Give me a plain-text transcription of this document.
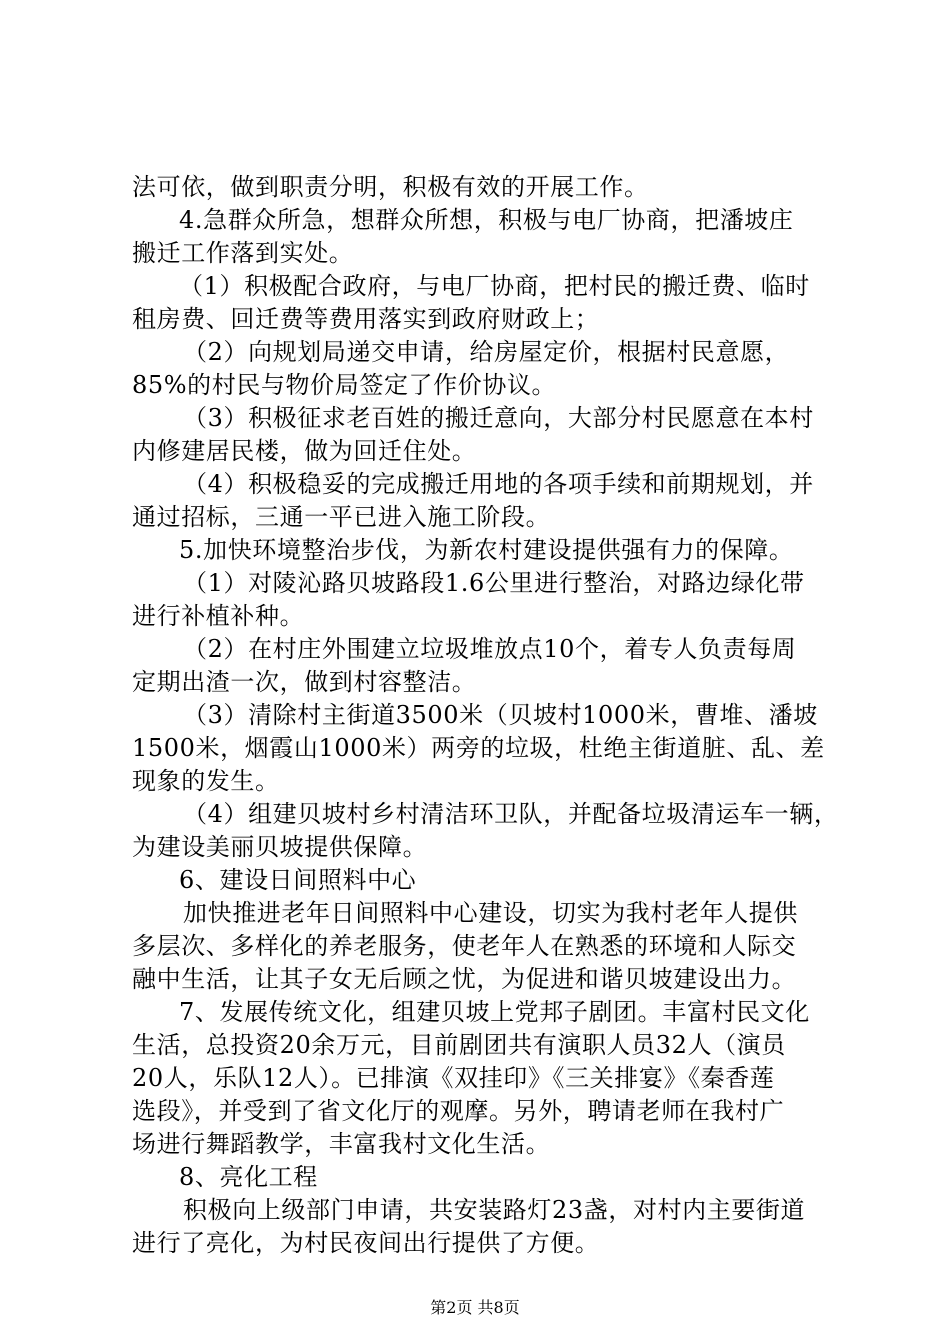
法可依，做到职责分明，积极有效的开展工作。
4.急群众所急，想群众所想，积极与电厂协商，把潘坡庄
搬迁工作落到实处。
（1）积极配合政府，与电厂协商，把村民的搬迁费、临时
租房费、回迁费等费用落实到政府财政上；
（2）向规划局递交申请，给房屋定价，根据村民意愿，
85%的村民与物价局签定了作价协议。
（3）积极征求老百姓的搬迁意向，大部分村民愿意在本村
内修建居民楼，做为回迁住处。
（4）积极稳妥的完成搬迁用地的各项手续和前期规划，并
通过招标，三通一平已进入施工阶段。
5.加快环境整治步伐，为新农村建设提供强有力的保障。
（1）对陵沁路贝坡路段1.6公里进行整治，对路边绿化带
进行补植补种。
（2）在村庄外围建立垃圾堆放点10个，着专人负责每周
定期出渣一次，做到村容整洁。
（3）清除村主街道3500米（贝坡村1000米，曹堆、潘坡
1500米，烟霞山1000米）两旁的垃圾，杜绝主街道脏、乱、差
现象的发生。
（4）组建贝坡村乡村清洁环卫队，并配备垃圾清运车一辆，
为建设美丽贝坡提供保障。
6、建设日间照料中心
加快推进老年日间照料中心建设，切实为我村老年人提供
多层次、多样化的养老服务，使老年人在熟悉的环境和人际交
融中生活，让其子女无后顾之忧，为促进和谐贝坡建设出力。
7、发展传统文化，组建贝坡上党邦子剧团。丰富村民文化
生活，总投资20余万元，目前剧团共有演职人员32人（演员
20人，乐队12人）。已排演《双挂印》《三关排宴》《秦香莲
选段》，并受到了省文化厅的观摩。另外，聘请老师在我村广
场进行舞蹈教学，丰富我村文化生活。
8、亮化工程
积极向上级部门申请，共安装路灯23盏，对村内主要街道
进行了亮化，为村民夜间出行提供了方便。
第2页 共8页
